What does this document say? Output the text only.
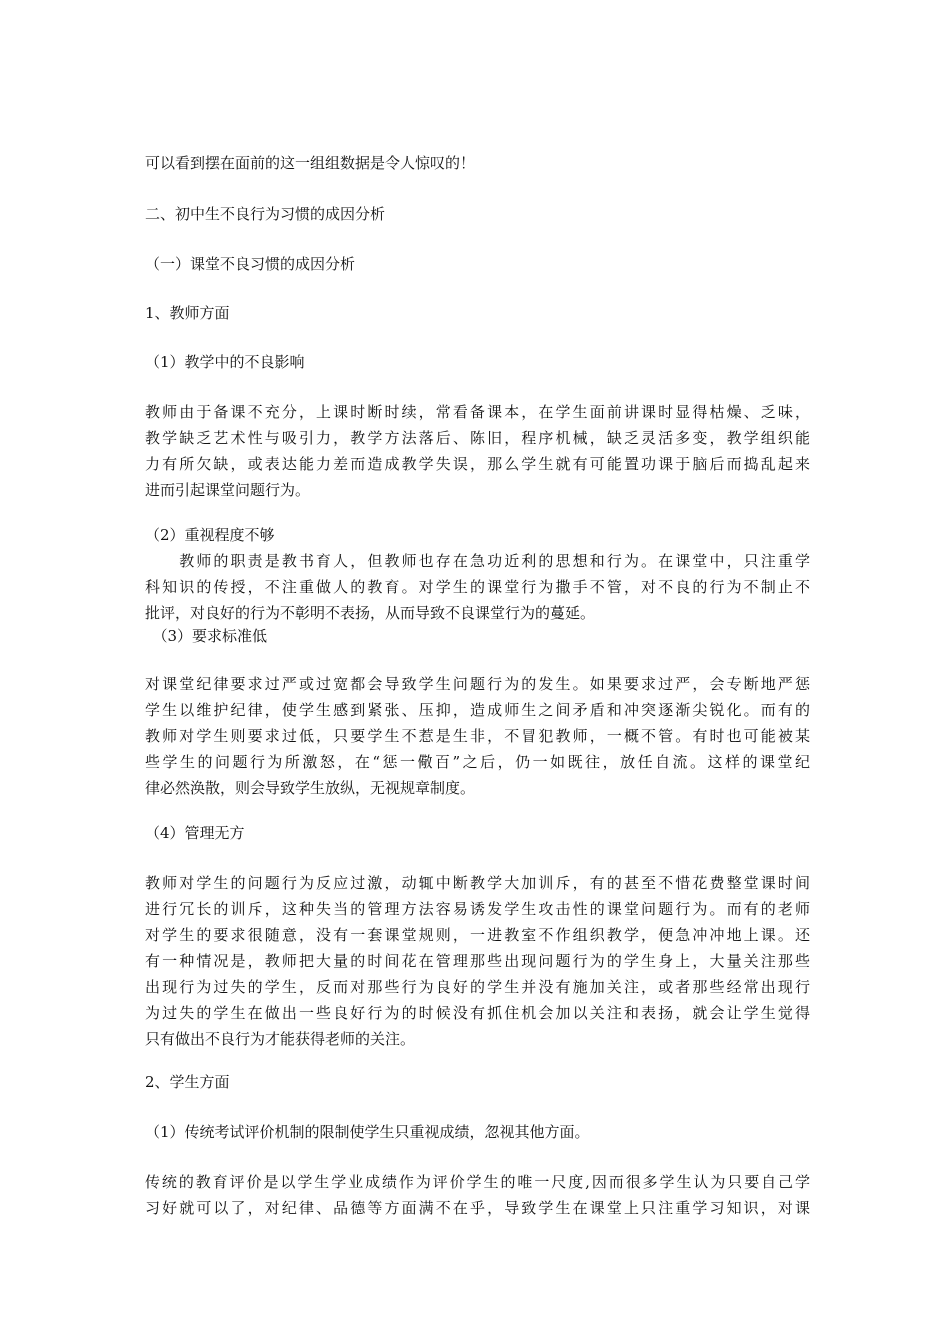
可以看到摆在面前的这一组组数据是令人惊叹的！

二、初中生不良行为习惯的成因分析

（一）课堂不良习惯的成因分析

1、教师方面

（1）教学中的不良影响

教师由于备课不充分，上课时断时续，常看备课本，在学生面前讲课时显得枯燥、乏味，
教学缺乏艺术性与吸引力，教学方法落后、陈旧，程序机械，缺乏灵活多变，教学组织能
力有所欠缺，或表达能力差而造成教学失误，那么学生就有可能置功课于脑后而捣乱起来
进而引起课堂问题行为。

（2）重视程度不够

　　教师的职责是教书育人，但教师也存在急功近利的思想和行为。在课堂中，只注重学
科知识的传授，不注重做人的教育。对学生的课堂行为撒手不管，对不良的行为不制止不
批评，对良好的行为不彰明不表扬，从而导致不良课堂行为的蔓延。

　（3）要求标准低

对课堂纪律要求过严或过宽都会导致学生问题行为的发生。如果要求过严，会专断地严惩
学生以维护纪律，使学生感到紧张、压抑，造成师生之间矛盾和冲突逐渐尖锐化。而有的
教师对学生则要求过低，只要学生不惹是生非，不冒犯教师，一概不管。有时也可能被某
些学生的问题行为所激怒，在“惩一儆百”之后，仍一如既往，放任自流。这样的课堂纪
律必然涣散，则会导致学生放纵，无视规章制度。

（4）管理无方

教师对学生的问题行为反应过激，动辄中断教学大加训斥，有的甚至不惜花费整堂课时间
进行冗长的训斥，这种失当的管理方法容易诱发学生攻击性的课堂问题行为。而有的老师
对学生的要求很随意，没有一套课堂规则，一进教室不作组织教学，便急冲冲地上课。还
有一种情况是，教师把大量的时间花在管理那些出现问题行为的学生身上，大量关注那些
出现行为过失的学生，反而对那些行为良好的学生并没有施加关注，或者那些经常出现行
为过失的学生在做出一些良好行为的时候没有抓住机会加以关注和表扬，就会让学生觉得
只有做出不良行为才能获得老师的关注。

2、学生方面

（1）传统考试评价机制的限制使学生只重视成绩，忽视其他方面。

传统的教育评价是以学生学业成绩作为评价学生的唯一尺度,因而很多学生认为只要自己学
习好就可以了，对纪律、品德等方面满不在乎，导致学生在课堂上只注重学习知识，对课
